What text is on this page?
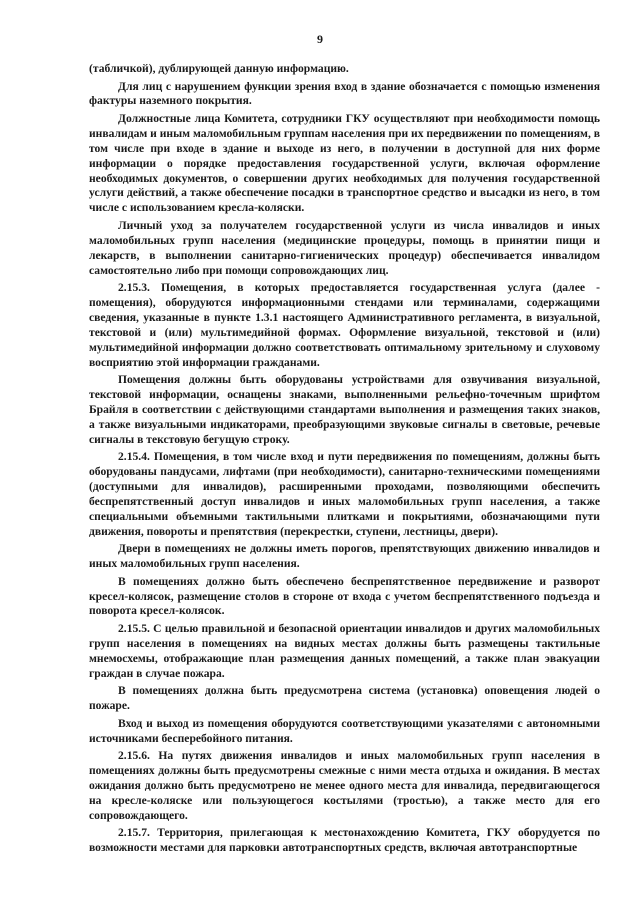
9

(табличкой), дублирующей данную информацию.

Для лиц с нарушением функции зрения вход в здание обозначается с помощью изменения фактуры наземного покрытия.

Должностные лица Комитета, сотрудники ГКУ осуществляют при необходимости помощь инвалидам и иным маломобильным группам населения при их передвижении по помещениям, в том числе при входе в здание и выходе из него, в получении в доступной для них форме информации о порядке предоставления государственной услуги, включая оформление необходимых документов, о совершении других необходимых для получения государственной услуги действий, а также обеспечение посадки в транспортное средство и высадки из него, в том числе с использованием кресла-коляски.

Личный уход за получателем государственной услуги из числа инвалидов и иных маломобильных групп населения (медицинские процедуры, помощь в принятии пищи и лекарств, в выполнении санитарно-гигиенических процедур) обеспечивается инвалидом самостоятельно либо при помощи сопровождающих лиц.

2.15.3. Помещения, в которых предоставляется государственная услуга (далее - помещения), оборудуются информационными стендами или терминалами, содержащими сведения, указанные в пункте 1.3.1 настоящего Административного регламента, в визуальной, текстовой и (или) мультимедийной формах. Оформление визуальной, текстовой и (или) мультимедийной информации должно соответствовать оптимальному зрительному и слуховому восприятию этой информации гражданами.

Помещения должны быть оборудованы устройствами для озвучивания визуальной, текстовой информации, оснащены знаками, выполненными рельефно-точечным шрифтом Брайля в соответствии с действующими стандартами выполнения и размещения таких знаков, а также визуальными индикаторами, преобразующими звуковые сигналы в световые, речевые сигналы в текстовую бегущую строку.

2.15.4. Помещения, в том числе вход и пути передвижения по помещениям, должны быть оборудованы пандусами, лифтами (при необходимости), санитарно-техническими помещениями (доступными для инвалидов), расширенными проходами, позволяющими обеспечить беспрепятственный доступ инвалидов и иных маломобильных групп населения, а также специальными объемными тактильными плитками и покрытиями, обозначающими пути движения, повороты и препятствия (перекрестки, ступени, лестницы, двери).

Двери в помещениях не должны иметь порогов, препятствующих движению инвалидов и иных маломобильных групп населения.

В помещениях должно быть обеспечено беспрепятственное передвижение и разворот кресел-колясок, размещение столов в стороне от входа с учетом беспрепятственного подъезда и поворота кресел-колясок.

2.15.5. С целью правильной и безопасной ориентации инвалидов и других маломобильных групп населения в помещениях на видных местах должны быть размещены тактильные мнемосхемы, отображающие план размещения данных помещений, а также план эвакуации граждан в случае пожара.

В помещениях должна быть предусмотрена система (установка) оповещения людей о пожаре.

Вход и выход из помещения оборудуются соответствующими указателями с автономными источниками бесперебойного питания.

2.15.6. На путях движения инвалидов и иных маломобильных групп населения в помещениях должны быть предусмотрены смежные с ними места отдыха и ожидания. В местах ожидания должно быть предусмотрено не менее одного места для инвалида, передвигающегося на кресле-коляске или пользующегося костылями (тростью), а также место для его сопровождающего.

2.15.7. Территория, прилегающая к местонахождению Комитета, ГКУ оборудуется по возможности местами для парковки автотранспортных средств, включая автотранспортные
